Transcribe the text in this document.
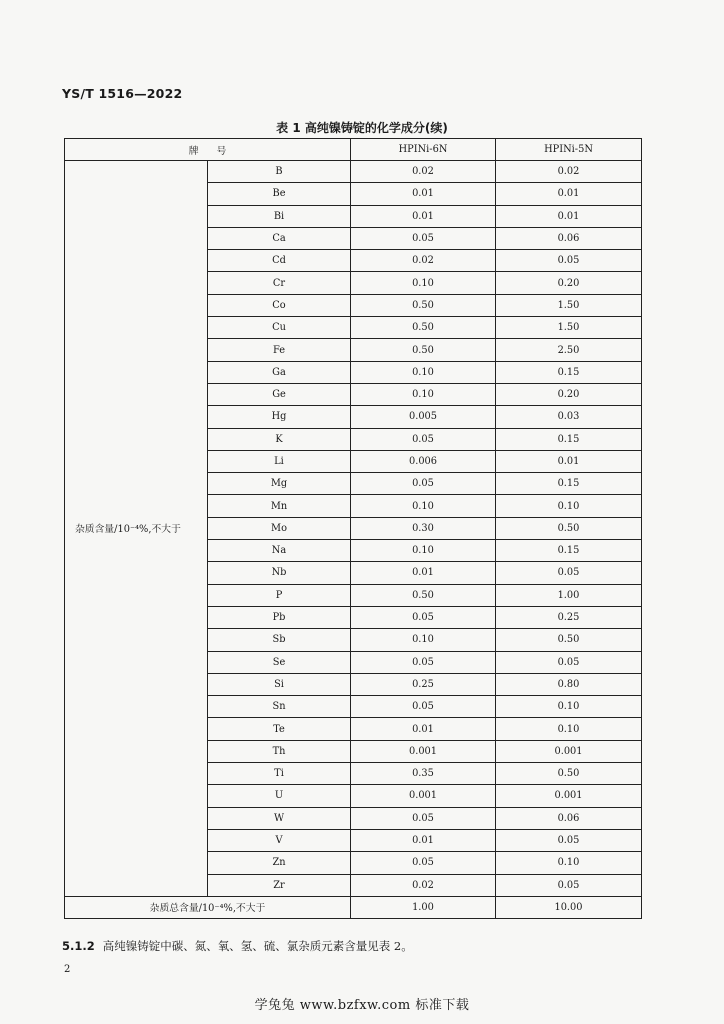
YS/T 1516—2022
表 1 高纯镍铸锭的化学成分(续)
牌号		HPINi-6N	HPINi-5N
杂质含量/10⁻⁴%,不大于	B	0.02	0.02
	Be	0.01	0.01
	Bi	0.01	0.01
	Ca	0.05	0.06
	Cd	0.02	0.05
	Cr	0.10	0.20
	Co	0.50	1.50
	Cu	0.50	1.50
	Fe	0.50	2.50
	Ga	0.10	0.15
	Ge	0.10	0.20
	Hg	0.005	0.03
	K	0.05	0.15
	Li	0.006	0.01
	Mg	0.05	0.15
	Mn	0.10	0.10
	Mo	0.30	0.50
	Na	0.10	0.15
	Nb	0.01	0.05
	P	0.50	1.00
	Pb	0.05	0.25
	Sb	0.10	0.50
	Se	0.05	0.05
	Si	0.25	0.80
	Sn	0.05	0.10
	Te	0.01	0.10
	Th	0.001	0.001
	Ti	0.35	0.50
	U	0.001	0.001
	W	0.05	0.06
	V	0.01	0.05
	Zn	0.05	0.10
	Zr	0.02	0.05
杂质总含量/10⁻⁴%,不大于		1.00	10.00
5.1.2 高纯镍铸锭中碳、氮、氧、氢、硫、氯杂质元素含量见表 2。
2
学兔兔 www.bzfxw.com 标准下载
